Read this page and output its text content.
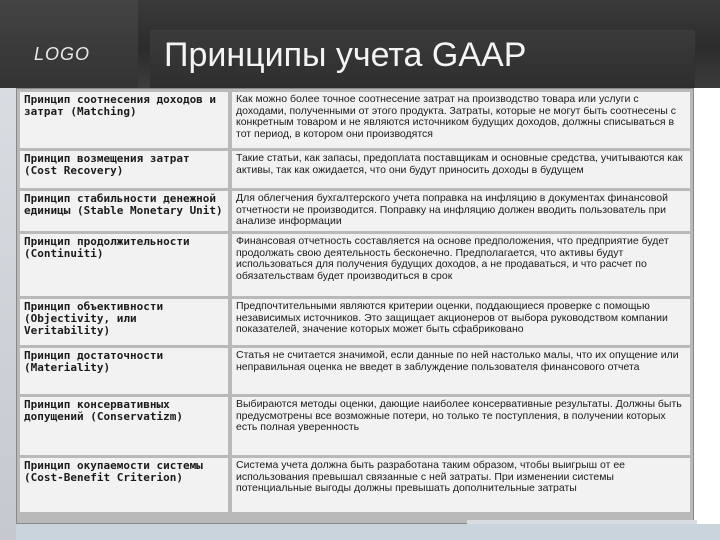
LOGO Принципы учета GAAP
Принцип соотнесения доходов и затрат (Matching)
Как можно более точное соотнесение затрат на производство товара или услуги с доходами, полученными от этого продукта. Затраты, которые не могут быть соотнесены с конкретным товаром и не являются источником будущих доходов, должны списываться в тот период, в котором они производятся
Принцип возмещения затрат (Cost Recovery)
Такие статьи, как запасы, предоплата поставщикам и основные средства, учитываются как активы, так как ожидается, что они будут приносить доходы в будущем
Принцип стабильности денежной единицы (Stable Monetary Unit)
Для облегчения бухгалтерского учета поправка на инфляцию в документах финансовой отчетности не производится. Поправку на инфляцию должен вводить пользователь при анализе информации
Принцип продолжительности (Continuiti)
Финансовая отчетность составляется на основе предположения, что предприятие будет продолжать свою деятельность бесконечно. Предполагается, что активы будут использоваться для получения будущих доходов, а не продаваться, и что расчет по обязательствам будет производиться в срок
Принцип объективности (Objectivity, или Veritability)
Предпочтительными являются критерии оценки, поддающиеся проверке с помощью независимых источников. Это защищает акционеров от выбора руководством компании показателей, значение которых может быть сфабриковано
Принцип достаточности (Materiality)
Статья не считается значимой, если данные по ней настолько малы, что их опущение или неправильная оценка не введет в заблуждение пользователя финансового отчета
Принцип консервативных допущений (Conservatizm)
Выбираются методы оценки, дающие наиболее консервативные результаты. Должны быть предусмотрены все возможные потери, но только те поступления, в получении которых есть полная уверенность
Принцип окупаемости системы (Cost-Benefit Criterion)
Система учета должна быть разработана таким образом, чтобы выигрыш от ее использования превышал связанные с ней затраты. При изменении системы потенциальные выгоды должны превышать дополнительные затраты
